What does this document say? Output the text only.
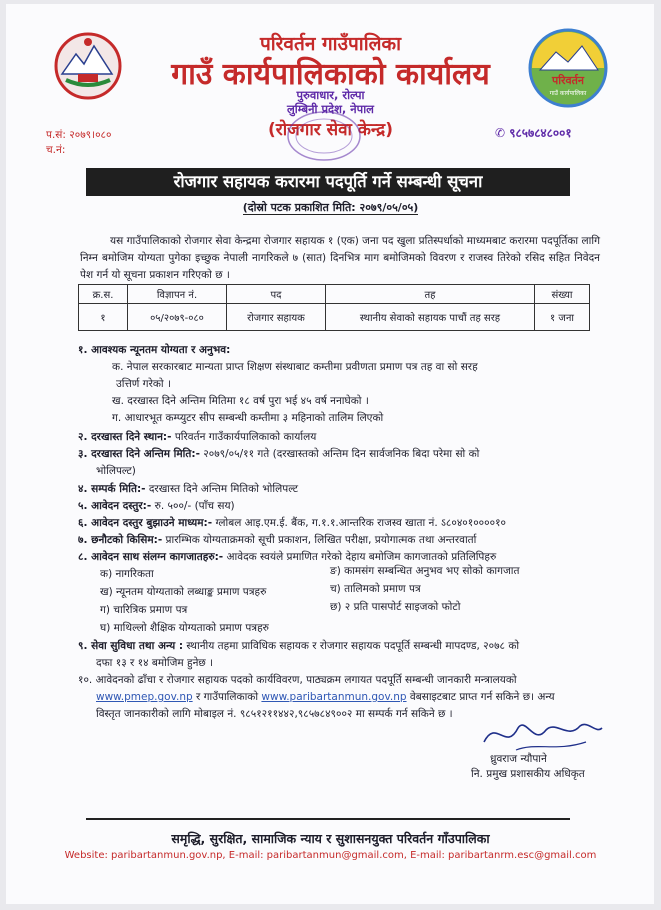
परिवर्तन
गाउँ कार्यपालिका
परिवर्तन गाउँपालिका
गाउँ कार्यपालिकाको कार्यालय
पुरुवाधार, रोल्पा
लुम्बिनी प्रदेश, नेपाल
(रोजगार सेवा केन्द्र)
प.सं: २०७९।०८०
च.नं:
✆ ९८५७८४८००१
रोजगार सहायक करारमा पदपूर्ति गर्ने सम्बन्धी सूचना
(दोस्रो पटक प्रकाशित मिति: २०७९/०५/०५)
यस गाउँपालिकाको रोजगार सेवा केन्द्रमा रोजगार सहायक १ (एक) जना पद खुला प्रतिस्पर्धाको माध्यमबाट करारमा पदपूर्तिका लागि निम्न बमोजिम योग्यता पुगेका इच्छुक नेपाली नागरिकले ७ (सात) दिनभित्र माग बमोजिमको विवरण र राजस्व तिरेको रसिद सहित निवेदन पेश गर्न यो सूचना प्रकाशन गरिएको छ ।
क्र.स.	विज्ञापन नं.	पद	तह	संख्या
१	०५/२०७९-०८०	रोजगार सहायक	स्थानीय सेवाको सहायक पाचौं तह सरह	१ जना
१. आवश्यक न्यूनतम योग्यता र अनुभव:
क. नेपाल सरकारबाट मान्यता प्राप्त शिक्षण संस्थाबाट कम्तीमा प्रवीणता प्रमाण पत्र तह वा सो सरह
उत्तिर्ण गरेको ।
ख. दरखास्त दिने अन्तिम मितिमा १८ वर्ष पुरा भई ४५ वर्ष ननाघेको ।
ग. आधारभूत कम्प्युटर सीप सम्बन्धी कम्तीमा ३ महिनाको तालिम लिएको
२. दरखास्त दिने स्थान:- परिवर्तन गाउँकार्यपालिकाको कार्यालय
३. दरखास्त दिने अन्तिम मिति:- २०७९/०५/११ गते (दरखास्तको अन्तिम दिन सार्वजनिक बिदा परेमा सो को
भोलिपल्ट)
४. सम्पर्क मिति:- दरखास्त दिने अन्तिम मितिको भोलिपल्ट
५. आवेदन दस्तुर:- रु. ५००/- (पाँच सय)
६. आवेदन दस्तुर बुझाउने माध्यम:- ग्लोबल आइ.एम.ई. बैंक, ग.१.१.आन्तरिक राजस्व खाता नं. ऽ८०४०१००००१०
७. छनौटको किसिम:- प्रारम्भिक योग्यताक्रमको सूची प्रकाशन, लिखित परीक्षा, प्रयोगात्मक तथा अन्तरवार्ता
८. आवेदन साथ संलग्न कागजातहरु:- आवेदक स्वयंले प्रमाणित गरेको देहाय बमोजिम कागजातको प्रतिलिपिहरु
क) नागरिकता	ङ) कामसंग सम्बन्धित अनुभव भए सोको कागजात
ख) न्यूनतम योग्यताको लब्धाङ्क प्रमाण पत्रहरु	च) तालिमको प्रमाण पत्र
ग) चारित्रिक प्रमाण पत्र	छ) २ प्रति पासपोर्ट साइजको फोटो
घ) माथिल्लो शैक्षिक योग्यताको प्रमाण पत्रहरु
९. सेवा सुविधा तथा अन्य : स्थानीय तहमा प्राविधिक सहायक र रोजगार सहायक पदपूर्ति सम्बन्धी मापदण्ड, २०७८ को
दफा १३ र १४ बमोजिम हुनेछ ।
१०. आवेदनको ढाँचा र रोजगार सहायक पदको कार्यविवरण, पाठ्यक्रम लगायत पदपूर्ति सम्बन्धी जानकारी मन्त्रालयको
www.pmep.gov.np र गाउँपालिकाको www.paribartanmun.gov.np वेबसाइटबाट प्राप्त गर्न सकिने छ। अन्य
विस्तृत जानकारीको लागि मोबाइल नं. ९८५१२११४४२,९८५७८४९००२ मा सम्पर्क गर्न सकिने छ ।
ध्रुवराज न्यौपाने
नि. प्रमुख प्रशासकीय अधिकृत
समृद्धि, सुरक्षित, सामाजिक न्याय र सुशासनयुक्त परिवर्तन गाँउपालिका
Website: paribartanmun.gov.np, E-mail: paribartanmun@gmail.com, E-mail: paribartanrm.esc@gmail.com
